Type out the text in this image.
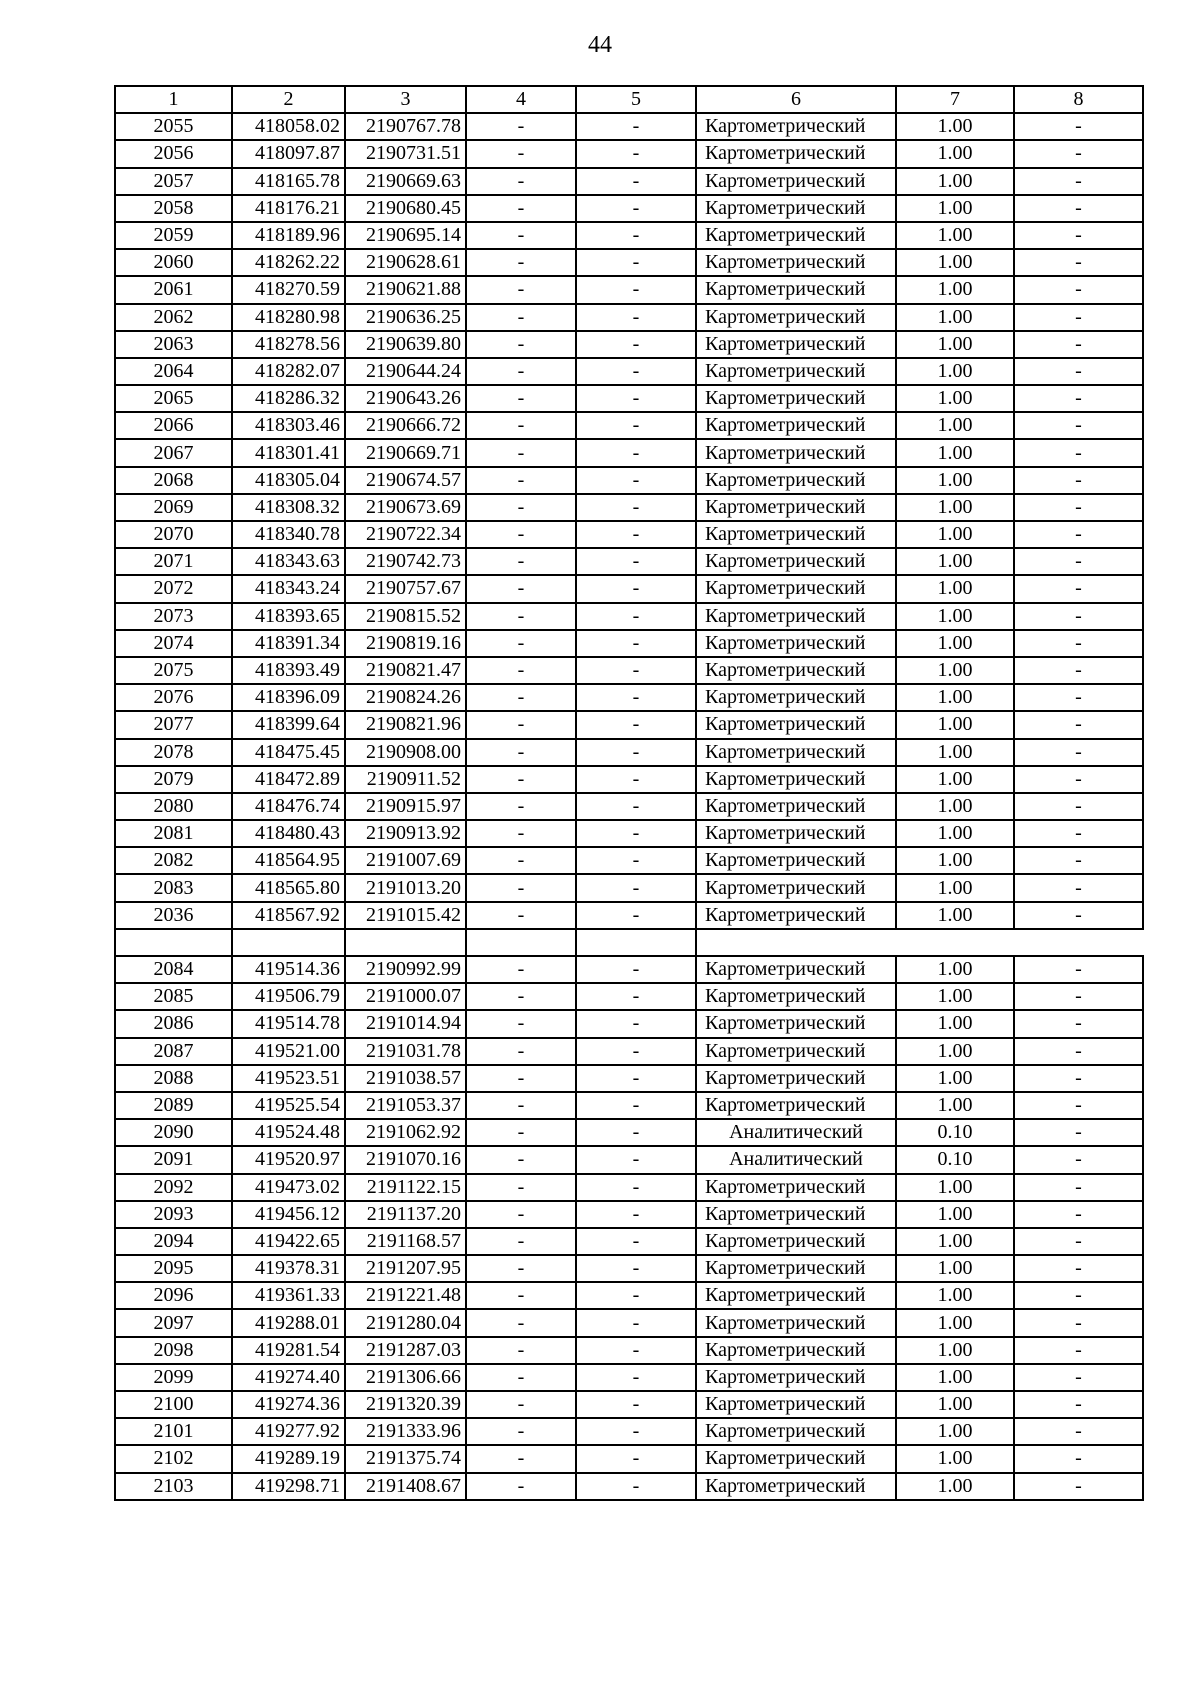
44
1	2	3	4	5	6	7	8
2055	418058.02	2190767.78	-	-	Картометрический	1.00	-
2056	418097.87	2190731.51	-	-	Картометрический	1.00	-
2057	418165.78	2190669.63	-	-	Картометрический	1.00	-
2058	418176.21	2190680.45	-	-	Картометрический	1.00	-
2059	418189.96	2190695.14	-	-	Картометрический	1.00	-
2060	418262.22	2190628.61	-	-	Картометрический	1.00	-
2061	418270.59	2190621.88	-	-	Картометрический	1.00	-
2062	418280.98	2190636.25	-	-	Картометрический	1.00	-
2063	418278.56	2190639.80	-	-	Картометрический	1.00	-
2064	418282.07	2190644.24	-	-	Картометрический	1.00	-
2065	418286.32	2190643.26	-	-	Картометрический	1.00	-
2066	418303.46	2190666.72	-	-	Картометрический	1.00	-
2067	418301.41	2190669.71	-	-	Картометрический	1.00	-
2068	418305.04	2190674.57	-	-	Картометрический	1.00	-
2069	418308.32	2190673.69	-	-	Картометрический	1.00	-
2070	418340.78	2190722.34	-	-	Картометрический	1.00	-
2071	418343.63	2190742.73	-	-	Картометрический	1.00	-
2072	418343.24	2190757.67	-	-	Картометрический	1.00	-
2073	418393.65	2190815.52	-	-	Картометрический	1.00	-
2074	418391.34	2190819.16	-	-	Картометрический	1.00	-
2075	418393.49	2190821.47	-	-	Картометрический	1.00	-
2076	418396.09	2190824.26	-	-	Картометрический	1.00	-
2077	418399.64	2190821.96	-	-	Картометрический	1.00	-
2078	418475.45	2190908.00	-	-	Картометрический	1.00	-
2079	418472.89	2190911.52	-	-	Картометрический	1.00	-
2080	418476.74	2190915.97	-	-	Картометрический	1.00	-
2081	418480.43	2190913.92	-	-	Картометрический	1.00	-
2082	418564.95	2191007.69	-	-	Картометрический	1.00	-
2083	418565.80	2191013.20	-	-	Картометрический	1.00	-
2036	418567.92	2191015.42	-	-	Картометрический	1.00	-

2084	419514.36	2190992.99	-	-	Картометрический	1.00	-
2085	419506.79	2191000.07	-	-	Картометрический	1.00	-
2086	419514.78	2191014.94	-	-	Картометрический	1.00	-
2087	419521.00	2191031.78	-	-	Картометрический	1.00	-
2088	419523.51	2191038.57	-	-	Картометрический	1.00	-
2089	419525.54	2191053.37	-	-	Картометрический	1.00	-
2090	419524.48	2191062.92	-	-	Аналитический	0.10	-
2091	419520.97	2191070.16	-	-	Аналитический	0.10	-
2092	419473.02	2191122.15	-	-	Картометрический	1.00	-
2093	419456.12	2191137.20	-	-	Картометрический	1.00	-
2094	419422.65	2191168.57	-	-	Картометрический	1.00	-
2095	419378.31	2191207.95	-	-	Картометрический	1.00	-
2096	419361.33	2191221.48	-	-	Картометрический	1.00	-
2097	419288.01	2191280.04	-	-	Картометрический	1.00	-
2098	419281.54	2191287.03	-	-	Картометрический	1.00	-
2099	419274.40	2191306.66	-	-	Картометрический	1.00	-
2100	419274.36	2191320.39	-	-	Картометрический	1.00	-
2101	419277.92	2191333.96	-	-	Картометрический	1.00	-
2102	419289.19	2191375.74	-	-	Картометрический	1.00	-
2103	419298.71	2191408.67	-	-	Картометрический	1.00	-
